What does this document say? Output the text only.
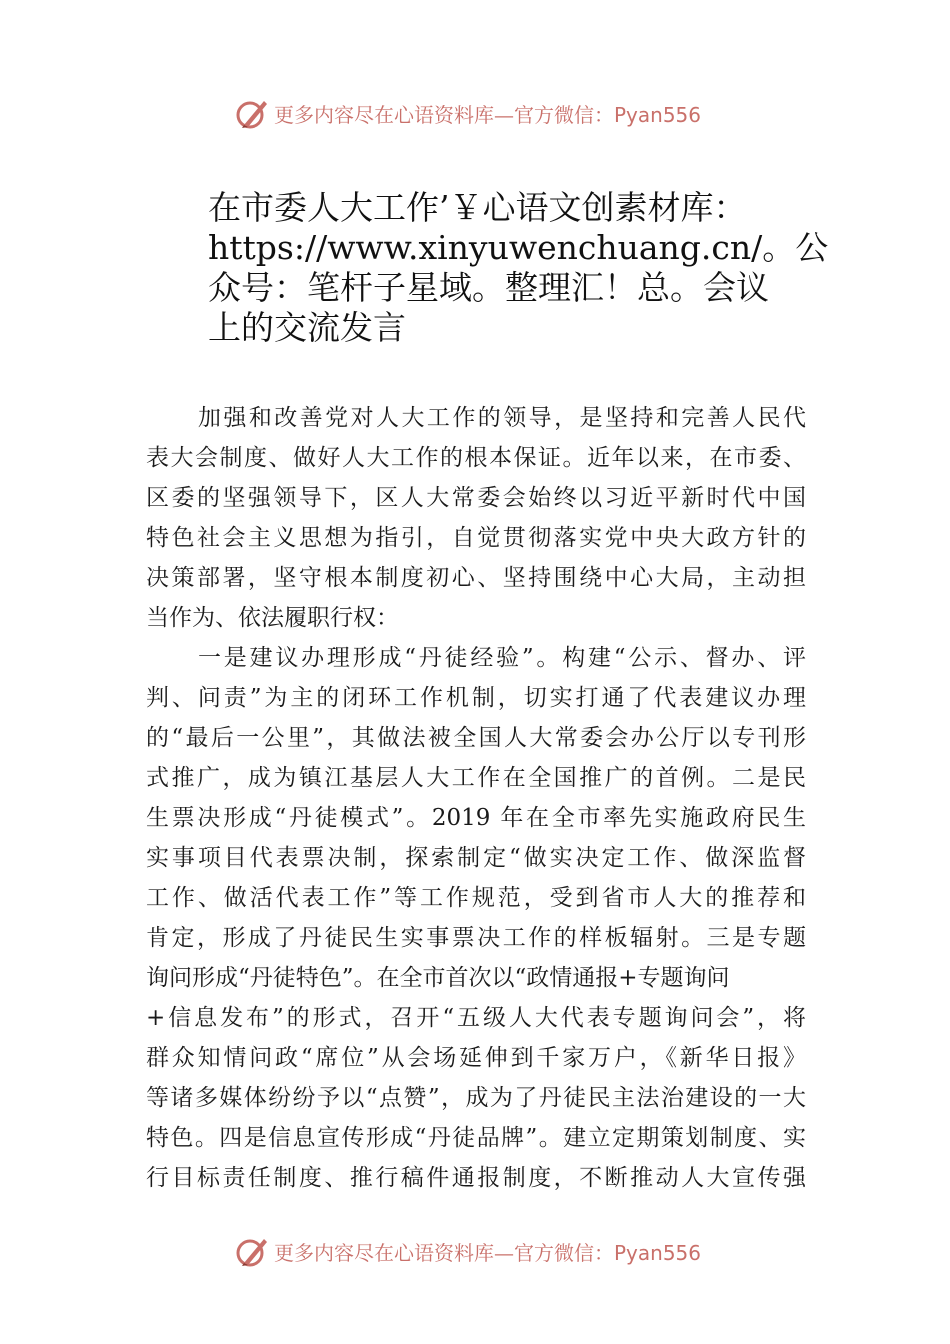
更多内容尽在心语资料库—官方微信：Pyan556
在市委人大工作’￥心语文创素材库：
https://www.xinyuwenchuang.cn/。公
众号：笔杆子星域。整理汇！总。会议
上的交流发言
加强和改善党对人大工作的领导，是坚持和完善人民代
表大会制度、做好人大工作的根本保证。近年以来，在市委、
区委的坚强领导下，区人大常委会始终以习近平新时代中国
特色社会主义思想为指引，自觉贯彻落实党中央大政方针的
决策部署，坚守根本制度初心、坚持围绕中心大局，主动担
当作为、依法履职行权：
一是建议办理形成“丹徒经验”。构建“公示、督办、评
判、问责”为主的闭环工作机制，切实打通了代表建议办理
的“最后一公里”，其做法被全国人大常委会办公厅以专刊形
式推广，成为镇江基层人大工作在全国推广的首例。二是民
生票决形成“丹徒模式”。2019 年在全市率先实施政府民生
实事项目代表票决制，探索制定“做实决定工作、做深监督
工作、做活代表工作”等工作规范，受到省市人大的推荐和
肯定，形成了丹徒民生实事票决工作的样板辐射。三是专题
询问形成“丹徒特色”。在全市首次以“政情通报+专题询问
+信息发布”的形式，召开“五级人大代表专题询问会”，将
群众知情问政“席位”从会场延伸到千家万户，《新华日报》
等诸多媒体纷纷予以“点赞”，成为了丹徒民主法治建设的一大
特色。四是信息宣传形成“丹徒品牌”。建立定期策划制度、实
行目标责任制度、推行稿件通报制度，不断推动人大宣传强
更多内容尽在心语资料库—官方微信：Pyan556
